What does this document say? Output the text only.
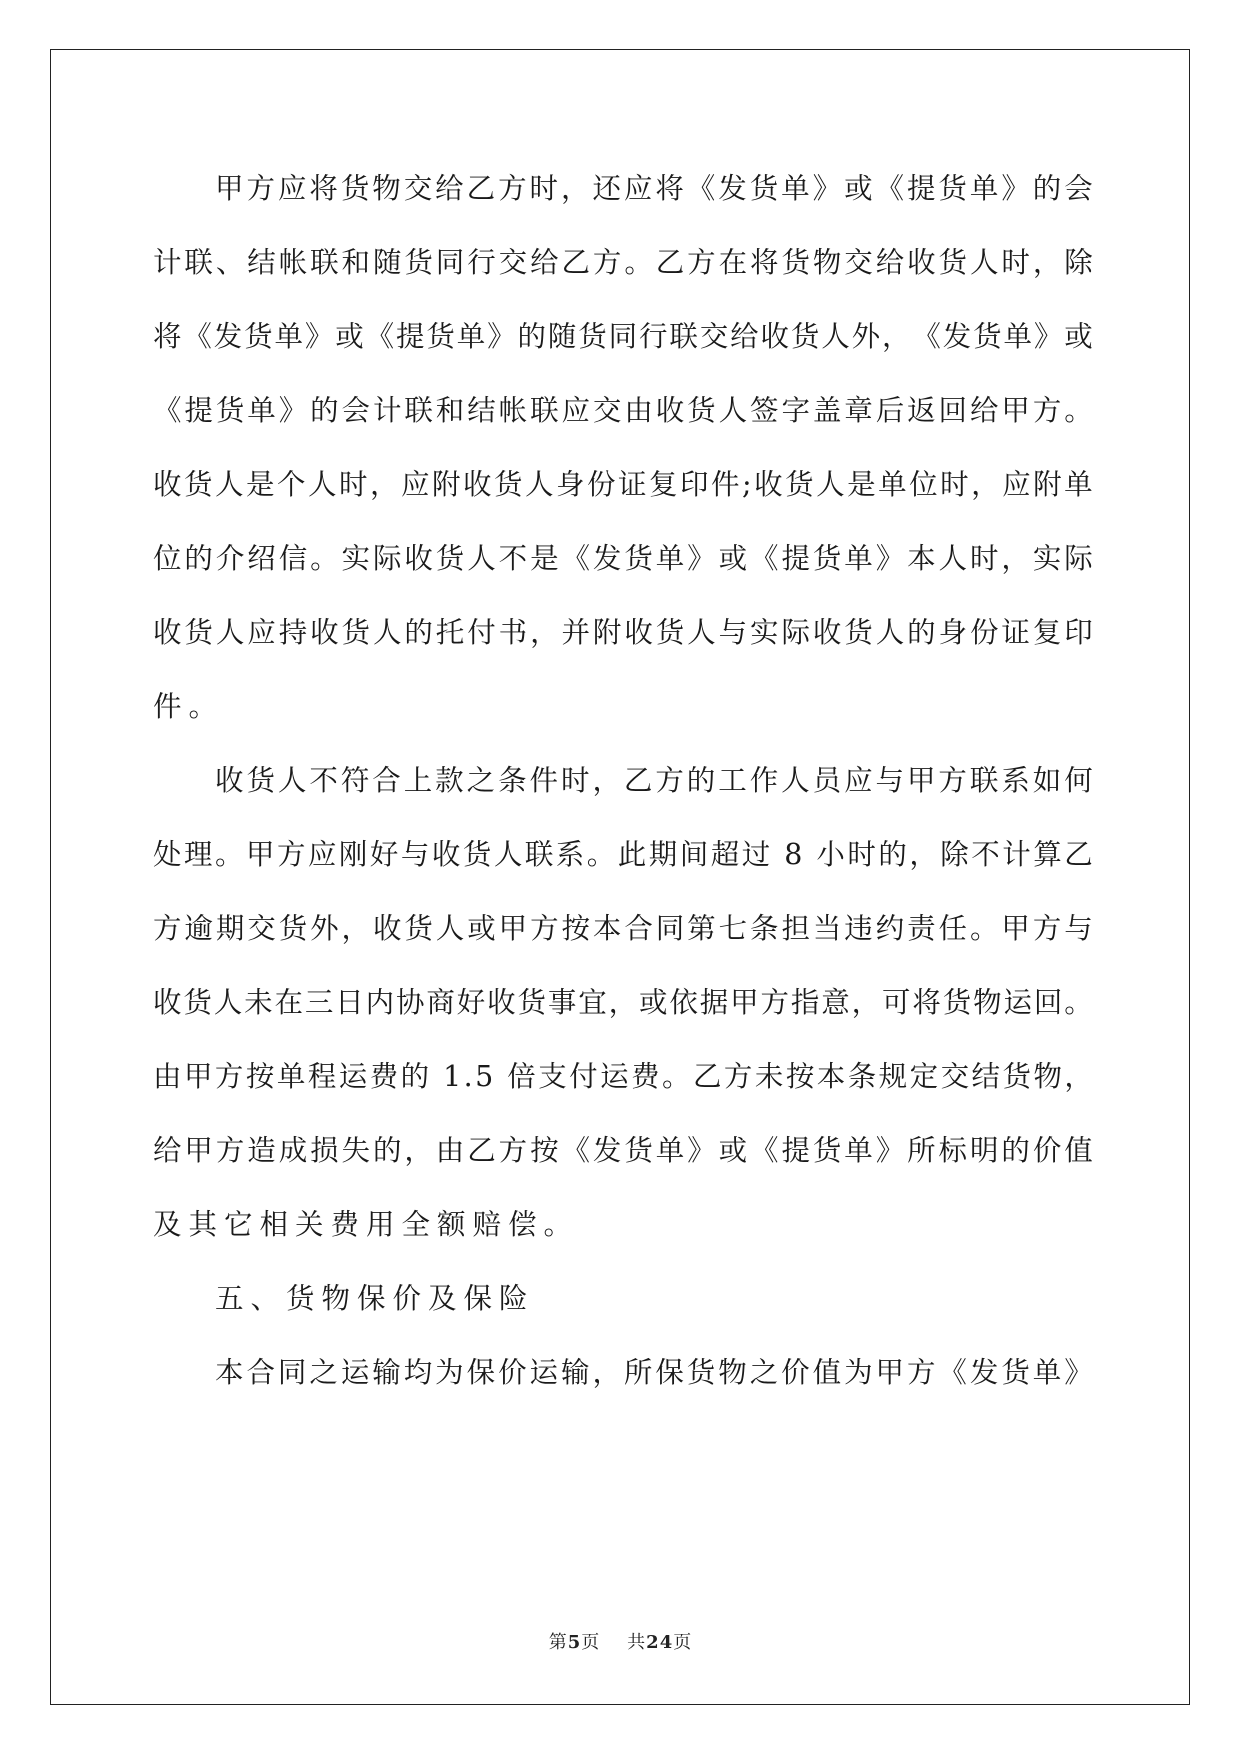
甲 方 应 将 货 物 交 给 乙 方 时 ， 还 应 将 《 发 货 单 》 或 《 提 货 单 》 的 会
计 联 、 结 帐 联 和 随 货 同 行 交 给 乙 方 。 乙 方 在 将 货 物 交 给 收 货 人 时 ， 除
将 《 发 货 单 》 或 《 提 货 单 》 的 随 货 同 行 联 交 给 收 货 人 外 ， 《 发 货 单 》 或
《 提 货 单 》 的 会 计 联 和 结 帐 联 应 交 由 收 货 人 签 字 盖 章 后 返 回 给 甲 方 。
收 货 人 是 个 人 时 ， 应 附 收 货 人 身 份 证 复 印 件 ; 收 货 人 是 单 位 时 ， 应 附 单
位 的 介 绍 信 。 实 际 收 货 人 不 是 《 发 货 单 》 或 《 提 货 单 》 本 人 时 ， 实 际
收 货 人 应 持 收 货 人 的 托 付 书 ， 并 附 收 货 人 与 实 际 收 货 人 的 身 份 证 复 印
件。
收 货 人 不 符 合 上 款 之 条 件 时 ， 乙 方 的 工 作 人 员 应 与 甲 方 联 系 如 何
处 理 。 甲 方 应 刚 好 与 收 货 人 联 系 。 此 期 间 超 过
8
小 时 的 ， 除 不 计 算 乙
方 逾 期 交 货 外 ， 收 货 人 或 甲 方 按 本 合 同 第 七 条 担 当 违 约 责 任 。 甲 方 与
收 货 人 未 在 三 日 内 协 商 好 收 货 事 宜 ， 或 依 据 甲 方 指 意 ， 可 将 货 物 运 回 。
由 甲 方 按 单 程 运 费 的
1 . 5
倍 支 付 运 费 。 乙 方 未 按 本 条 规 定 交 结 货 物 ，
给 甲 方 造 成 损 失 的 ， 由 乙 方 按 《 发 货 单 》 或 《 提 货 单 》 所 标 明 的 价 值
及其它相关费用全额赔偿。
五、货物保价及保险
本 合 同 之 运 输 均 为 保 价 运 输 ， 所 保 货 物 之 价 值 为 甲 方 《 发 货 单 》
第5页 共24页
